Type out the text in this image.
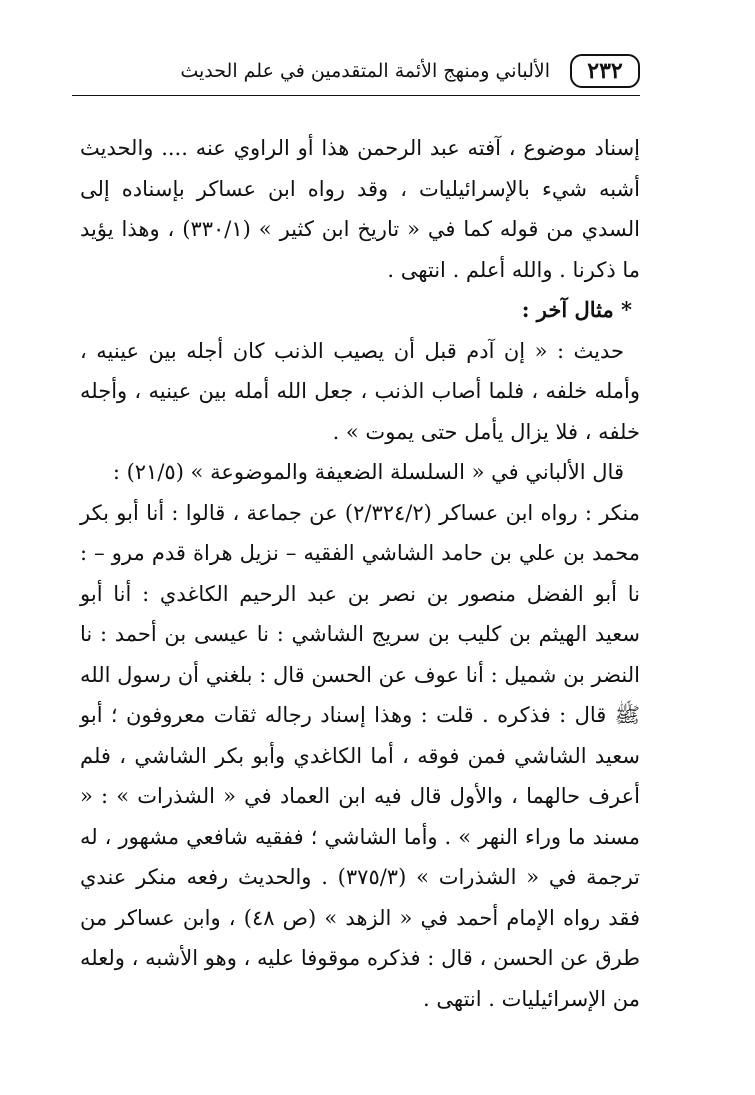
٢٣٢
الألباني ومنهج الأئمة المتقدمين في علم الحديث

إسناد موضوع ، آفته عبد الرحمن هذا أو الراوي عنه .... والحديث أشبه شيء بالإسرائيليات ، وقد رواه ابن عساكر بإسناده إلى السدي من قوله كما في « تاريخ ابن كثير » (٣٣٠/١) ، وهذا يؤيد ما ذكرنا . والله أعلم . انتهى .

* مثال آخر :

حديث : « إن آدم قبل أن يصيب الذنب كان أجله بين عينيه ، وأمله خلفه ، فلما أصاب الذنب ، جعل الله أمله بين عينيه ، وأجله خلفه ، فلا يزال يأمل حتى يموت » .

قال الألباني في « السلسلة الضعيفة والموضوعة » (٢١/٥) :

منكر : رواه ابن عساكر (٢/٣٢٤/٢) عن جماعة ، قالوا : أنا أبو بكر محمد بن علي بن حامد الشاشي الفقيه – نزيل هراة قدم مرو – : نا أبو الفضل منصور بن نصر بن عبد الرحيم الكاغدي : أنا أبو سعيد الهيثم بن كليب بن سريج الشاشي : نا عيسى بن أحمد : نا النضر بن شميل : أنا عوف عن الحسن قال : بلغني أن رسول الله ﷺ قال : فذكره . قلت : وهذا إسناد رجاله ثقات معروفون ؛ أبو سعيد الشاشي فمن فوقه ، أما الكاغدي وأبو بكر الشاشي ، فلم أعرف حالهما ، والأول قال فيه ابن العماد في « الشذرات » : « مسند ما وراء النهر » . وأما الشاشي ؛ ففقيه شافعي مشهور ، له ترجمة في « الشذرات » (٣٧٥/٣) . والحديث رفعه منكر عندي فقد رواه الإمام أحمد في « الزهد » (ص ٤٨) ، وابن عساكر من طرق عن الحسن ، قال : فذكره موقوفا عليه ، وهو الأشبه ، ولعله من الإسرائيليات . انتهى .
